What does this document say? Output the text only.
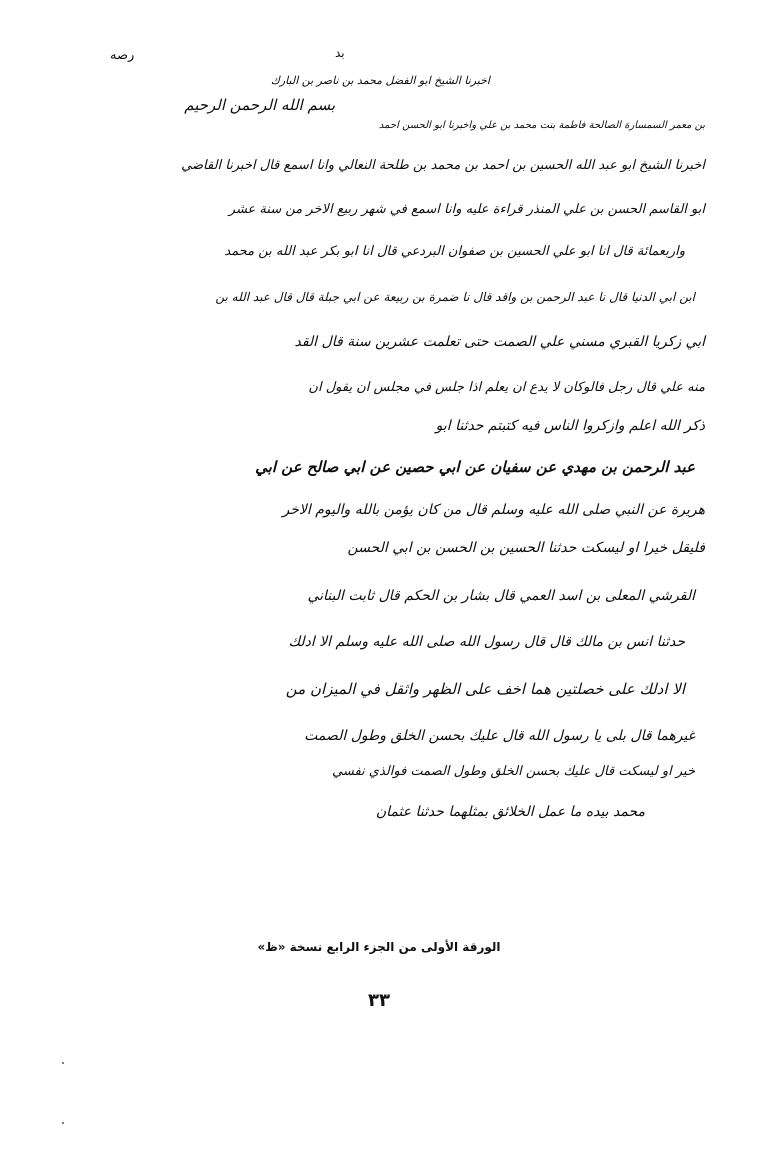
رصه	بد
اخبرنا الشيخ ابو الفضل محمد بن ناصر بن البارك
بسم الله الرحمن الرحيم
بن معمر السمسارة الصالحة فاطمة بنت محمد بن علي واخبرنا ابو الحسن احمد
اخبرنا الشيخ ابو عبد الله الحسين بن احمد بن محمد بن طلحة النعالي وانا اسمع قال اخبرنا القاضي
ابو القاسم الحسن بن علي المنذر قراءة عليه وانا اسمع في شهر ربيع الاخر من سنة عشر
واربعمائة قال انا ابو علي الحسين بن صفوان البردعي قال انا ابو بكر عبد الله بن محمد
ابن ابي الدنيا قال نا عبد الرحمن بن واقد قال نا ضمرة بن ربيعة عن ابي جبلة قال قال عبد الله بن
ابي زكريا القبري مسني علي الصمت حتى تعلمت عشرين سنة قال القد
منه علي قال رجل فالوكان لا يدع ان يعلم اذا جلس في مجلس ان يقول ان
ذكر الله اعلم وازكروا الناس فيه كتبتم حدثنا ابو
عبد الرحمن بن مهدي عن سفيان عن ابي حصين عن ابي صالح عن ابي
هريرة عن النبي صلى الله عليه وسلم قال من كان يؤمن بالله واليوم الاخر
فليقل خيرا او ليسكت حدثنا الحسين بن الحسن بن ابي الحسن
القرشي المعلى بن اسد العمي قال بشار بن الحكم قال ثابت البناني
حدثنا انس بن مالك قال قال رسول الله صلى الله عليه وسلم الا ادلك
الا ادلك على خصلتين هما اخف على الظهر واثقل في الميزان من
غيرهما قال بلى يا رسول الله قال عليك بحسن الخلق وطول الصمت
خير او ليسكت قال عليك بحسن الخلق وطول الصمت فوالذي نفسي
محمد بيده ما عمل الخلائق بمثلهما حدثنا عثمان
الورقة الأولى من الجزء الرابع نسخة «ظ»
٣٣
